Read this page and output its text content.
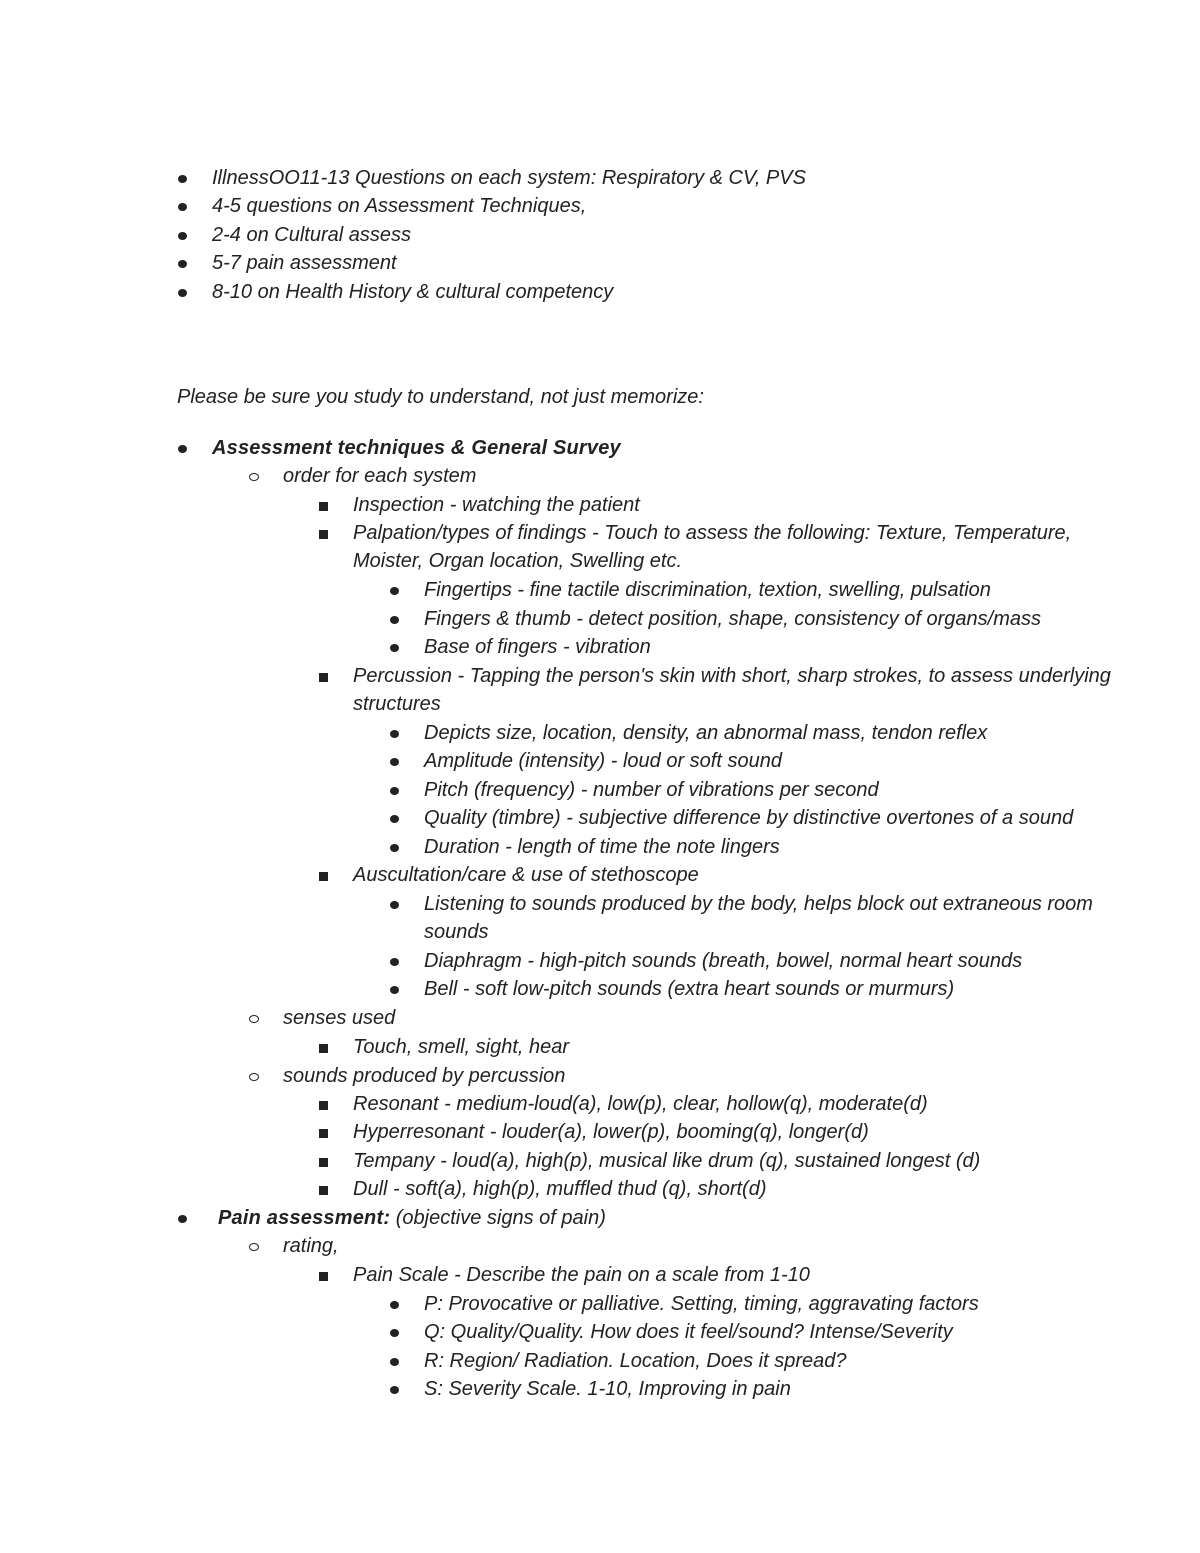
IllnessOO11-13 Questions on each system: Respiratory & CV, PVS
4-5 questions on Assessment Techniques,
2-4 on Cultural assess
5-7 pain assessment
8-10 on Health History & cultural competency
Please be sure you study to understand, not just memorize:
Assessment techniques & General Survey
order for each system
Inspection - watching the patient
Palpation/types of findings - Touch to assess the following: Texture, Temperature,
Moister, Organ location, Swelling etc.
Fingertips - fine tactile discrimination, textion, swelling, pulsation
Fingers & thumb - detect position, shape, consistency of organs/mass
Base of fingers - vibration
Percussion - Tapping the person's skin with short, sharp strokes, to assess underlying
structures
Depicts size, location, density, an abnormal mass, tendon reflex
Amplitude (intensity) - loud or soft sound
Pitch (frequency) - number of vibrations per second
Quality (timbre) - subjective difference by distinctive overtones of a sound
Duration - length of time the note lingers
Auscultation/care & use of stethoscope
Listening to sounds produced by the body, helps block out extraneous room
sounds
Diaphragm - high-pitch sounds (breath, bowel, normal heart sounds
Bell - soft low-pitch sounds (extra heart sounds or murmurs)
senses used
Touch, smell, sight, hear
sounds produced by percussion
Resonant - medium-loud(a), low(p), clear, hollow(q), moderate(d)
Hyperresonant - louder(a), lower(p), booming(q), longer(d)
Tempany - loud(a), high(p), musical like drum (q), sustained longest (d)
Dull - soft(a), high(p), muffled thud (q), short(d)
Pain assessment: (objective signs of pain)
rating,
Pain Scale - Describe the pain on a scale from 1-10
P: Provocative or palliative. Setting, timing, aggravating factors
Q: Quality/Quality. How does it feel/sound? Intense/Severity
R: Region/ Radiation. Location, Does it spread?
S: Severity Scale. 1-10, Improving in pain
